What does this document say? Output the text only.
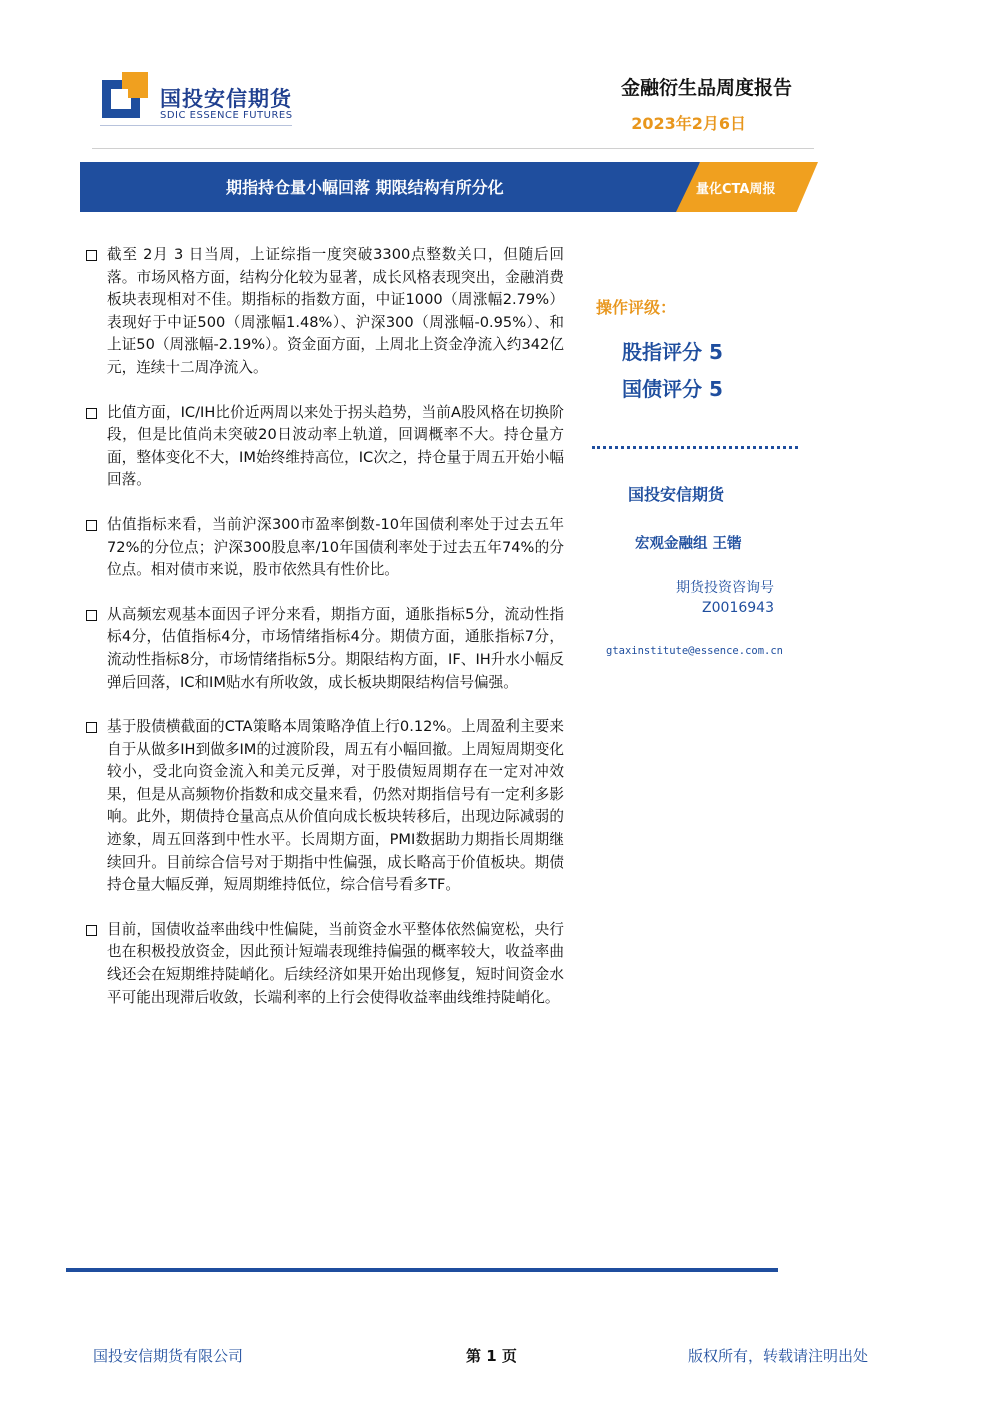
国投安信期货
SDIC ESSENCE FUTURES
金融衍生品周度报告
2023年2月6日
期指持仓量小幅回落 期限结构有所分化	量化CTA周报
截至 2月 3 日当周，上证综指一度突破3300点整数关口，但随后回落。市场风格方面，结构分化较为显著，成长风格表现突出，金融消费板块表现相对不佳。期指标的指数方面，中证1000（周涨幅2.79%）表现好于中证500（周涨幅1.48%）、沪深300（周涨幅-0.95%）、和上证50（周涨幅-2.19%）。资金面方面，上周北上资金净流入约342亿元，连续十二周净流入。
比值方面，IC/IH比价近两周以来处于拐头趋势，当前A股风格在切换阶段，但是比值尚未突破20日波动率上轨道，回调概率不大。持仓量方面，整体变化不大，IM始终维持高位，IC次之，持仓量于周五开始小幅回落。
估值指标来看，当前沪深300市盈率倒数-10年国债利率处于过去五年72%的分位点；沪深300股息率/10年国债利率处于过去五年74%的分位点。相对债市来说，股市依然具有性价比。
从高频宏观基本面因子评分来看，期指方面，通胀指标5分，流动性指标4分，估值指标4分，市场情绪指标4分。期债方面，通胀指标7分，流动性指标8分，市场情绪指标5分。期限结构方面，IF、IH升水小幅反弹后回落，IC和IM贴水有所收敛，成长板块期限结构信号偏强。
基于股债横截面的CTA策略本周策略净值上行0.12%。上周盈利主要来自于从做多IH到做多IM的过渡阶段，周五有小幅回撤。上周短周期变化较小，受北向资金流入和美元反弹，对于股债短周期存在一定对冲效果，但是从高频物价指数和成交量来看，仍然对期指信号有一定利多影响。此外，期债持仓量高点从价值向成长板块转移后，出现边际减弱的迹象，周五回落到中性水平。长周期方面，PMI数据助力期指长周期继续回升。目前综合信号对于期指中性偏强，成长略高于价值板块。期债持仓量大幅反弹，短周期维持低位，综合信号看多TF。
目前，国债收益率曲线中性偏陡，当前资金水平整体依然偏宽松，央行也在积极投放资金，因此预计短端表现维持偏强的概率较大，收益率曲线还会在短期维持陡峭化。后续经济如果开始出现修复，短时间资金水平可能出现滞后收敛，长端利率的上行会使得收益率曲线维持陡峭化。
操作评级：
股指评分 5
国债评分 5
国投安信期货
宏观金融组 王锴
期货投资咨询号
Z0016943
gtaxinstitute@essence.com.cn
国投安信期货有限公司	第 1 页	版权所有，转载请注明出处
